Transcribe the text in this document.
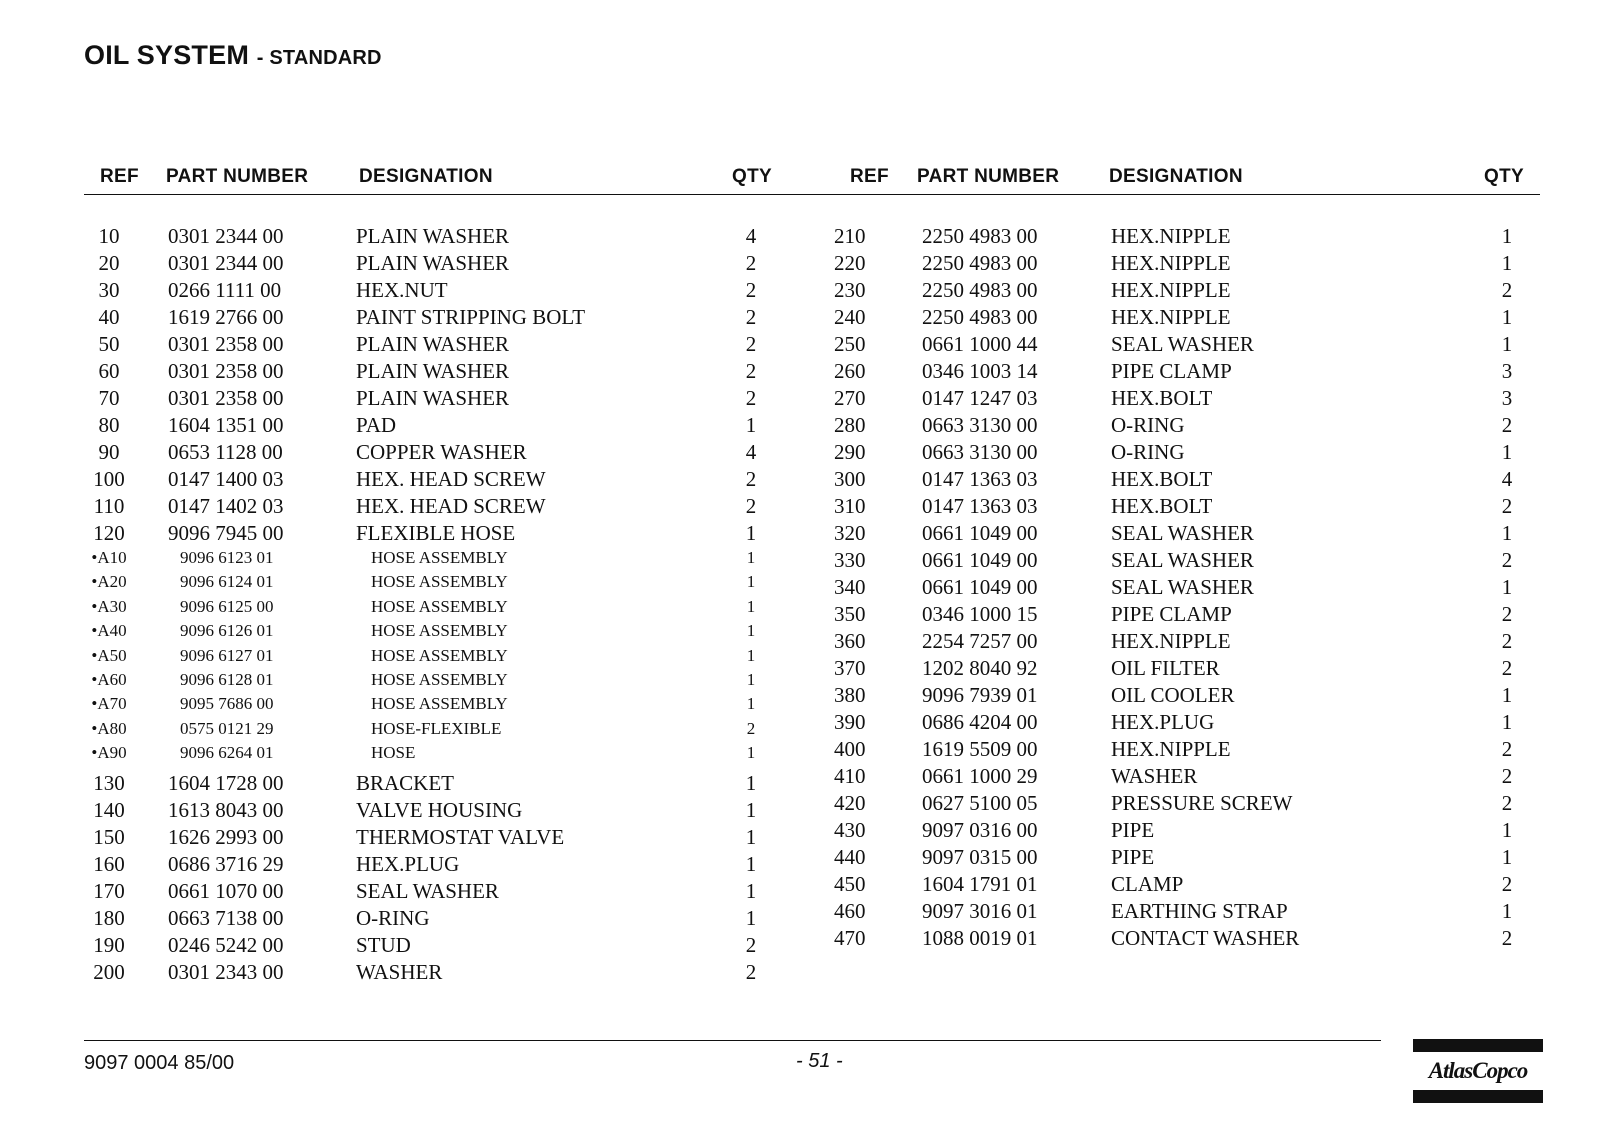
OIL SYSTEM - STANDARD
REF PART NUMBER	DESIGNATION	QTY	REF PART NUMBER	DESIGNATION	QTY
10	0301 2344 00	PLAIN WASHER	4
20	0301 2344 00	PLAIN WASHER	2
30	0266 1111 00	HEX.NUT	2
40	1619 2766 00	PAINT STRIPPING BOLT	2
50	0301 2358 00	PLAIN WASHER	2
60	0301 2358 00	PLAIN WASHER	2
70	0301 2358 00	PLAIN WASHER	2
80	1604 1351 00	PAD	1
90	0653 1128 00	COPPER WASHER	4
100	0147 1400 03	HEX. HEAD SCREW	2
110	0147 1402 03	HEX. HEAD SCREW	2
120	9096 7945 00	FLEXIBLE HOSE	1
•A10	9096 6123 01	HOSE ASSEMBLY	1
•A20	9096 6124 01	HOSE ASSEMBLY	1
•A30	9096 6125 00	HOSE ASSEMBLY	1
•A40	9096 6126 01	HOSE ASSEMBLY	1
•A50	9096 6127 01	HOSE ASSEMBLY	1
•A60	9096 6128 01	HOSE ASSEMBLY	1
•A70	9095 7686 00	HOSE ASSEMBLY	1
•A80	0575 0121 29	HOSE-FLEXIBLE	2
•A90	9096 6264 01	HOSE	1
130	1604 1728 00	BRACKET	1
140	1613 8043 00	VALVE HOUSING	1
150	1626 2993 00	THERMOSTAT VALVE	1
160	0686 3716 29	HEX.PLUG	1
170	0661 1070 00	SEAL WASHER	1
180	0663 7138 00	O-RING	1
190	0246 5242 00	STUD	2
200	0301 2343 00	WASHER	2
210	2250 4983 00	HEX.NIPPLE	1
220	2250 4983 00	HEX.NIPPLE	1
230	2250 4983 00	HEX.NIPPLE	2
240	2250 4983 00	HEX.NIPPLE	1
250	0661 1000 44	SEAL WASHER	1
260	0346 1003 14	PIPE CLAMP	3
270	0147 1247 03	HEX.BOLT	3
280	0663 3130 00	O-RING	2
290	0663 3130 00	O-RING	1
300	0147 1363 03	HEX.BOLT	4
310	0147 1363 03	HEX.BOLT	2
320	0661 1049 00	SEAL WASHER	1
330	0661 1049 00	SEAL WASHER	2
340	0661 1049 00	SEAL WASHER	1
350	0346 1000 15	PIPE CLAMP	2
360	2254 7257 00	HEX.NIPPLE	2
370	1202 8040 92	OIL FILTER	2
380	9096 7939 01	OIL COOLER	1
390	0686 4204 00	HEX.PLUG	1
400	1619 5509 00	HEX.NIPPLE	2
410	0661 1000 29	WASHER	2
420	0627 5100 05	PRESSURE SCREW	2
430	9097 0316 00	PIPE	1
440	9097 0315 00	PIPE	1
450	1604 1791 01	CLAMP	2
460	9097 3016 01	EARTHING STRAP	1
470	1088 0019 01	CONTACT WASHER	2
9097 0004 85/00	- 51 -	AtlasCopco
